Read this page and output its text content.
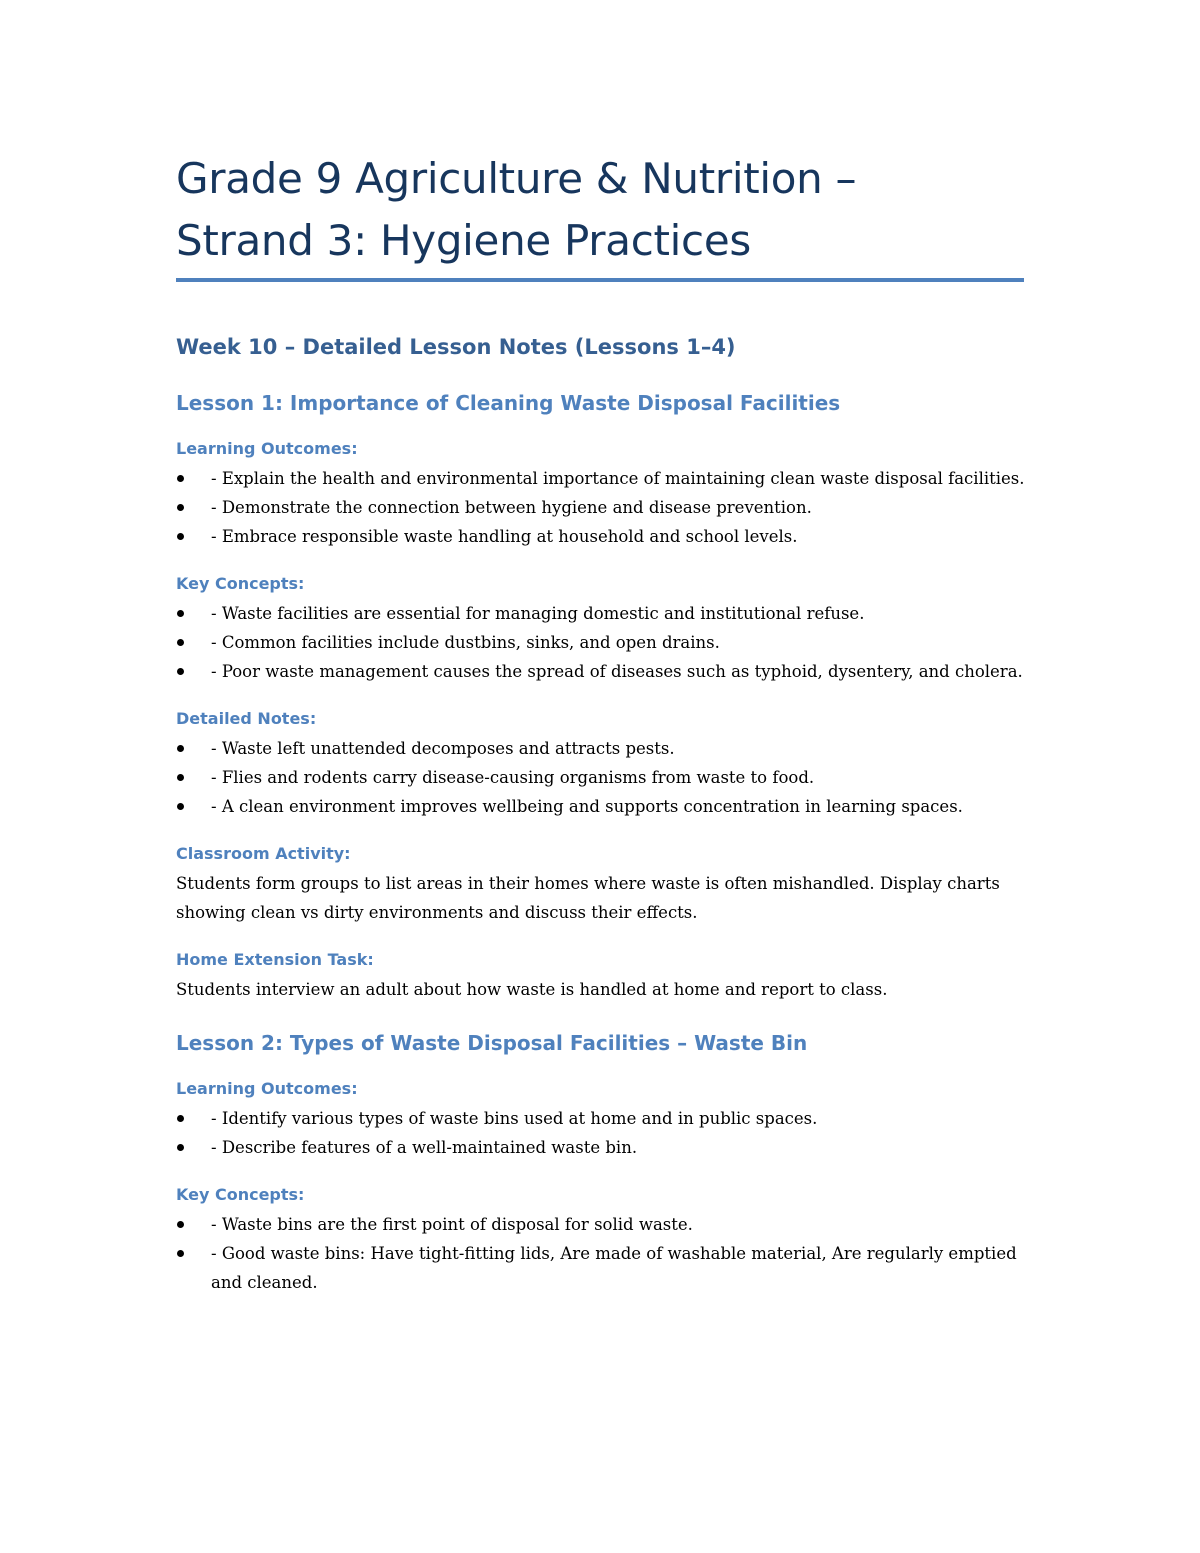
Grade 9 Agriculture & Nutrition –
Strand 3: Hygiene Practices
Week 10 – Detailed Lesson Notes (Lessons 1–4)
Lesson 1: Importance of Cleaning Waste Disposal Facilities
Learning Outcomes:
- Explain the health and environmental importance of maintaining clean waste disposal facilities.
- Demonstrate the connection between hygiene and disease prevention.
- Embrace responsible waste handling at household and school levels.
Key Concepts:
- Waste facilities are essential for managing domestic and institutional refuse.
- Common facilities include dustbins, sinks, and open drains.
- Poor waste management causes the spread of diseases such as typhoid, dysentery, and cholera.
Detailed Notes:
- Waste left unattended decomposes and attracts pests.
- Flies and rodents carry disease-causing organisms from waste to food.
- A clean environment improves wellbeing and supports concentration in learning spaces.
Classroom Activity:

Students form groups to list areas in their homes where waste is often mishandled. Display charts showing clean vs dirty environments and discuss their effects.

Home Extension Task:

Students interview an adult about how waste is handled at home and report to class.

Lesson 2: Types of Waste Disposal Facilities – Waste Bin
Learning Outcomes:
- Identify various types of waste bins used at home and in public spaces.
- Describe features of a well-maintained waste bin.
Key Concepts:
- Waste bins are the first point of disposal for solid waste.
- Good waste bins: Have tight-fitting lids, Are made of washable material, Are regularly emptied and cleaned.
